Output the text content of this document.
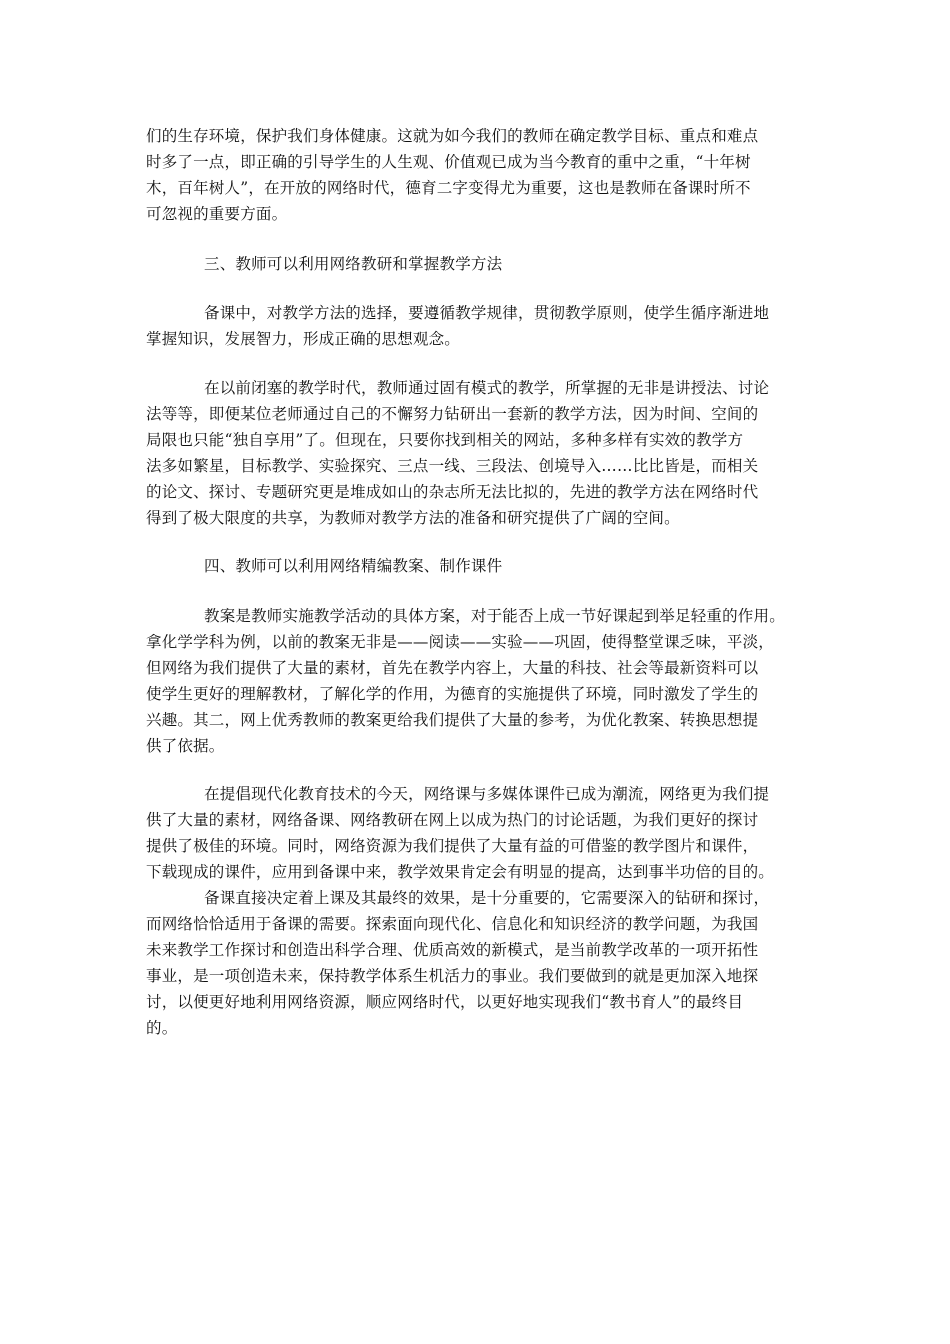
们的生存环境，保护我们身体健康。这就为如今我们的教师在确定教学目标、重点和难点
时多了一点，即正确的引导学生的人生观、价值观已成为当今教育的重中之重，“十年树
木，百年树人”，在开放的网络时代，德育二字变得尤为重要，这也是教师在备课时所不
可忽视的重要方面。
三、教师可以利用网络教研和掌握教学方法
备课中，对教学方法的选择，要遵循教学规律，贯彻教学原则，使学生循序渐进地
掌握知识，发展智力，形成正确的思想观念。
在以前闭塞的教学时代，教师通过固有模式的教学，所掌握的无非是讲授法、讨论
法等等，即便某位老师通过自己的不懈努力钻研出一套新的教学方法，因为时间、空间的
局限也只能“独自享用”了。但现在，只要你找到相关的网站，多种多样有实效的教学方
法多如繁星，目标教学、实验探究、三点一线、三段法、创境导入……比比皆是，而相关
的论文、探讨、专题研究更是堆成如山的杂志所无法比拟的，先进的教学方法在网络时代
得到了极大限度的共享，为教师对教学方法的准备和研究提供了广阔的空间。
四、教师可以利用网络精编教案、制作课件
教案是教师实施教学活动的具体方案，对于能否上成一节好课起到举足轻重的作用。
拿化学学科为例，以前的教案无非是——阅读——实验——巩固，使得整堂课乏味，平淡，
但网络为我们提供了大量的素材，首先在教学内容上，大量的科技、社会等最新资料可以
使学生更好的理解教材，了解化学的作用，为德育的实施提供了环境，同时激发了学生的
兴趣。其二，网上优秀教师的教案更给我们提供了大量的参考，为优化教案、转换思想提
供了依据。
在提倡现代化教育技术的今天，网络课与多媒体课件已成为潮流，网络更为我们提
供了大量的素材，网络备课、网络教研在网上以成为热门的讨论话题，为我们更好的探讨
提供了极佳的环境。同时，网络资源为我们提供了大量有益的可借鉴的教学图片和课件，
下载现成的课件，应用到备课中来，教学效果肯定会有明显的提高，达到事半功倍的目的。
备课直接决定着上课及其最终的效果，是十分重要的，它需要深入的钻研和探讨，
而网络恰恰适用于备课的需要。探索面向现代化、信息化和知识经济的教学问题，为我国
未来教学工作探讨和创造出科学合理、优质高效的新模式，是当前教学改革的一项开拓性
事业，是一项创造未来，保持教学体系生机活力的事业。我们要做到的就是更加深入地探
讨，以便更好地利用网络资源，顺应网络时代，以更好地实现我们“教书育人”的最终目
的。
